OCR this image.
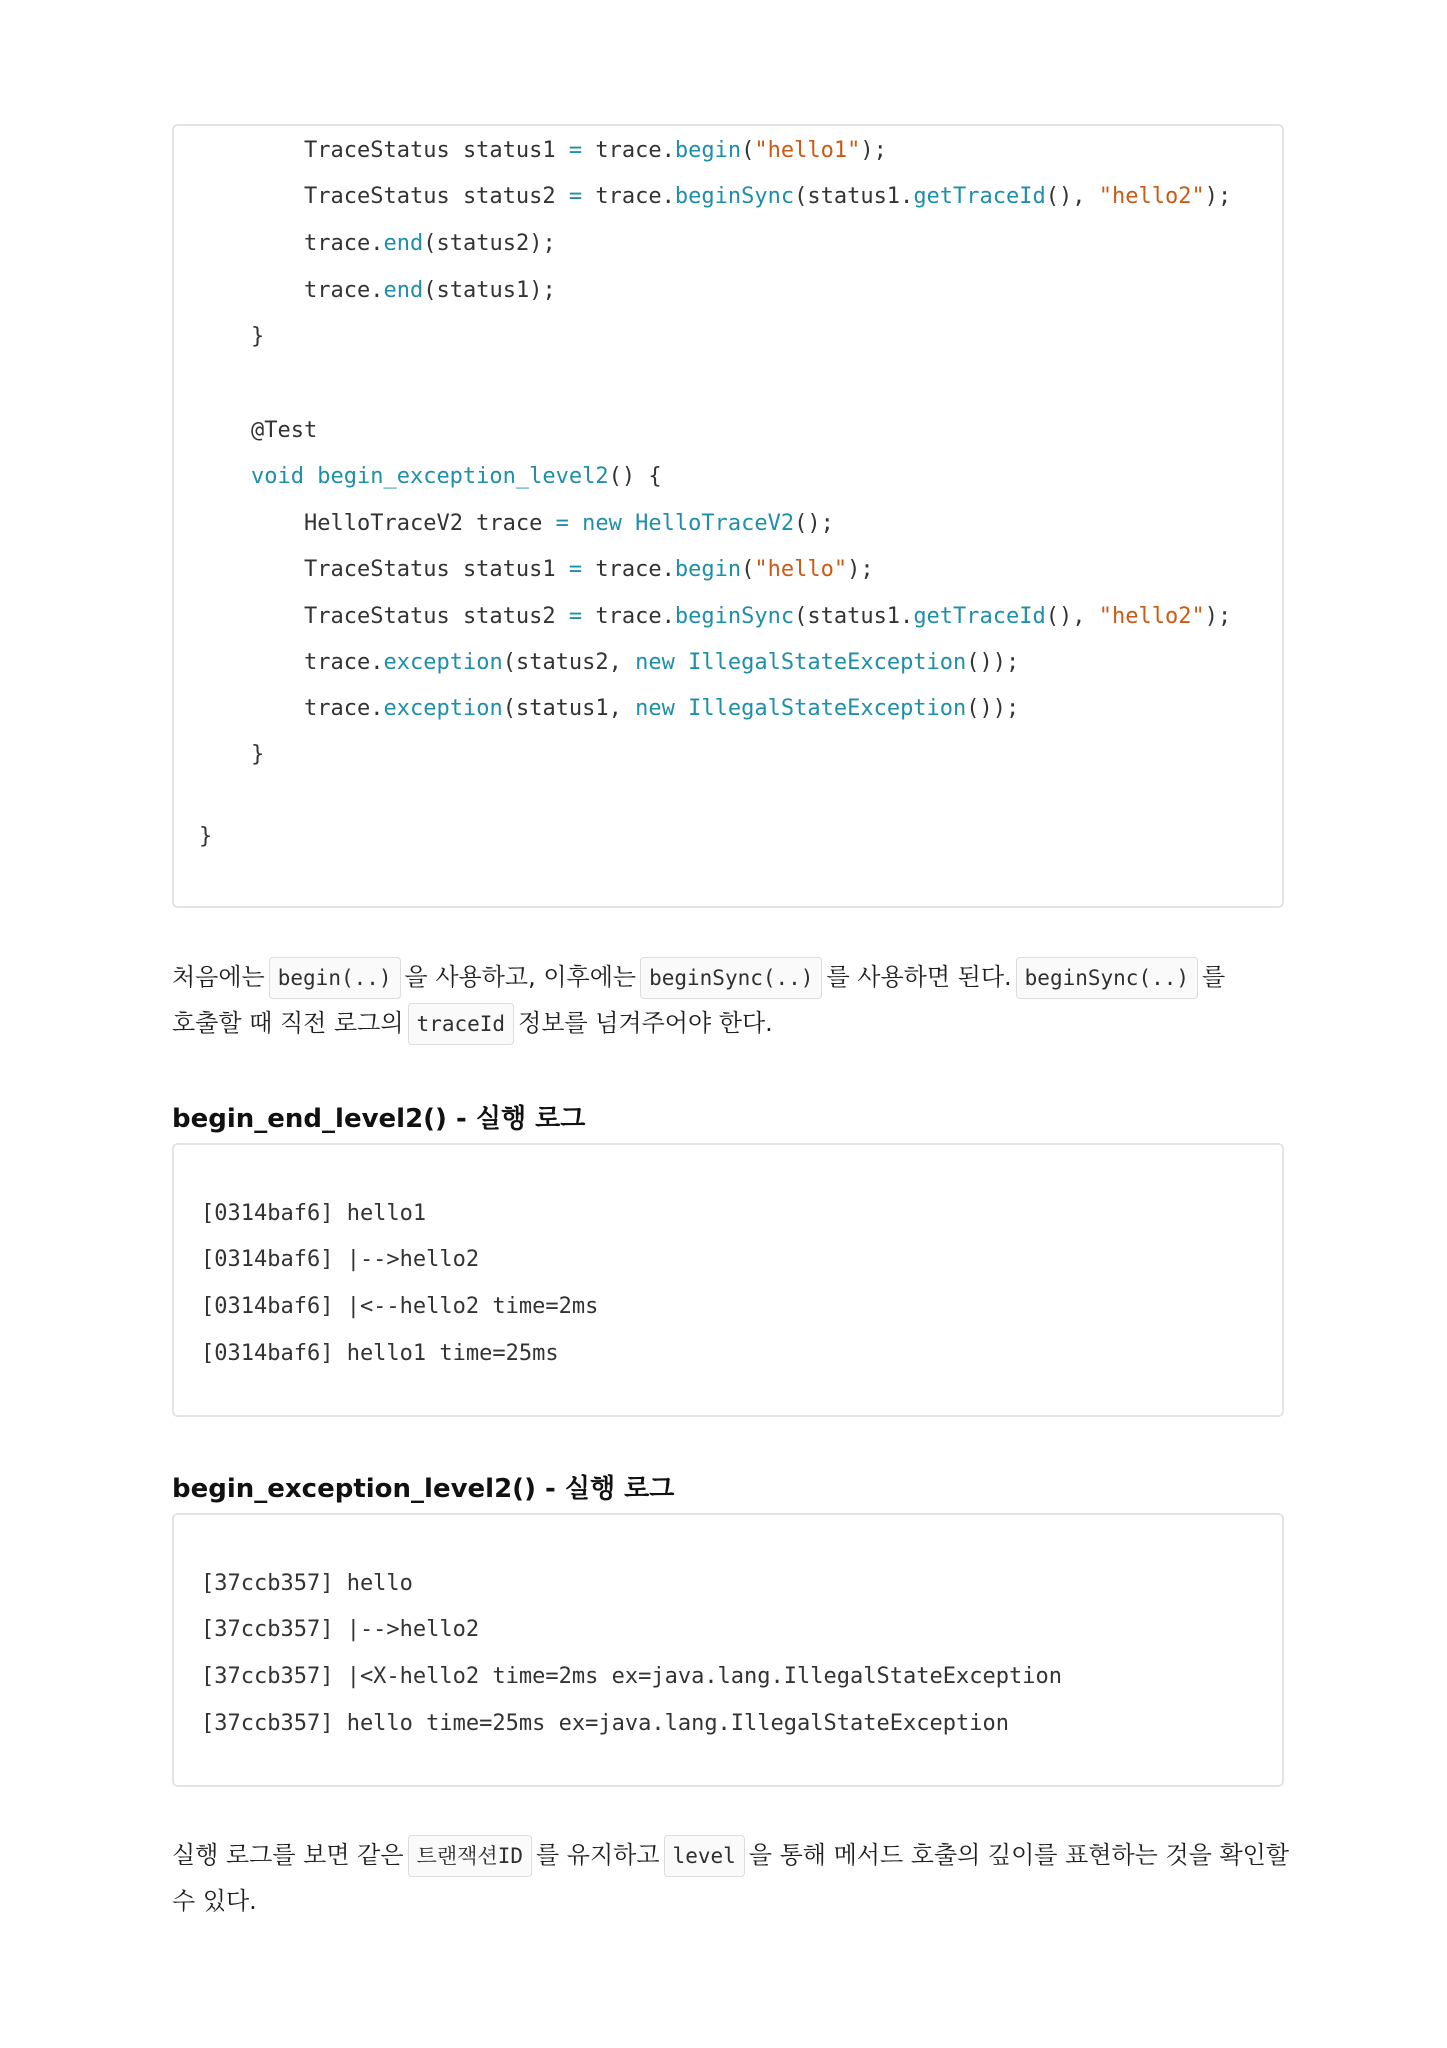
TraceStatus status1 = trace.begin("hello1");
TraceStatus status2 = trace.beginSync(status1.getTraceId(), "hello2");
trace.end(status2);
trace.end(status1);
}
@Test
void begin_exception_level2() {
HelloTraceV2 trace = new HelloTraceV2();
TraceStatus status1 = trace.begin("hello");
TraceStatus status2 = trace.beginSync(status1.getTraceId(), "hello2");
trace.exception(status2, new IllegalStateException());
trace.exception(status1, new IllegalStateException());
}
}
처음에는 begin(..) 을 사용하고, 이후에는 beginSync(..) 를 사용하면 된다. beginSync(..) 를
호출할 때 직전 로그의 traceId 정보를 넘겨주어야 한다.
begin_end_level2() - 실행 로그
[0314baf6] hello1
[0314baf6] |-->hello2
[0314baf6] |<--hello2 time=2ms
[0314baf6] hello1 time=25ms
begin_exception_level2() - 실행 로그
[37ccb357] hello
[37ccb357] |-->hello2
[37ccb357] |<X-hello2 time=2ms ex=java.lang.IllegalStateException
[37ccb357] hello time=25ms ex=java.lang.IllegalStateException
실행 로그를 보면 같은 트랜잭션ID 를 유지하고 level 을 통해 메서드 호출의 깊이를 표현하는 것을 확인할
수 있다.
